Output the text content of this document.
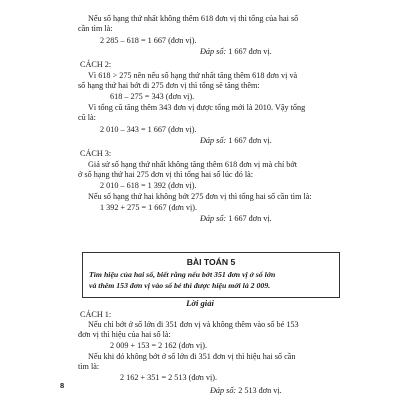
Nếu số hạng thứ nhất không thêm 618 đơn vị thì tổng của hai số
cần tìm là:
2 285 – 618 = 1 667 (đơn vị).
Đáp số: 1 667 đơn vị.
CÁCH 2:
Vì 618 > 275 nên nếu số hạng thứ nhất tăng thêm 618 đơn vị và
số hạng thứ hai bớt đi 275 đơn vị thì tổng sẽ tăng thêm:
618 – 275 = 343 (đơn vị).
Vì tổng cũ tăng thêm 343 đơn vị được tổng mới là 2010. Vậy tổng
cũ là:
2 010 – 343 = 1 667 (đơn vị).
Đáp số: 1 667 đơn vị.
CÁCH 3:
Giả sử số hạng thứ nhất không tăng thêm 618 đơn vị mà chỉ bớt
ở số hạng thứ hai 275 đơn vị thì tổng hai số lúc đó là:
2 010 – 618 = 1 392 (đơn vị).
Nếu số hạng thứ hai không bớt 275 đơn vị thì tổng hai số cần tìm là:
1 392 + 275 = 1 667 (đơn vị).
Đáp số: 1 667 đơn vị.
BÀI TOÁN 5
Tìm hiệu của hai số, biết rằng nếu bớt 351 đơn vị ở số lớn
và thêm 153 đơn vị vào số bé thì được hiệu mới là 2 009.
Lời giải
CÁCH 1:
Nếu chỉ bớt ở số lớn đi 351 đơn vị và không thêm vào số bé 153
đơn vị thì hiệu của hai số là:
2 009 + 153 = 2 162 (đơn vị).
Nếu khi đó không bớt ở số lớn đi 351 đơn vị thì hiệu hai số cần
tìm là:
2 162 + 351 = 2 513 (đơn vị).
Đáp số: 2 513 đơn vị.
8
